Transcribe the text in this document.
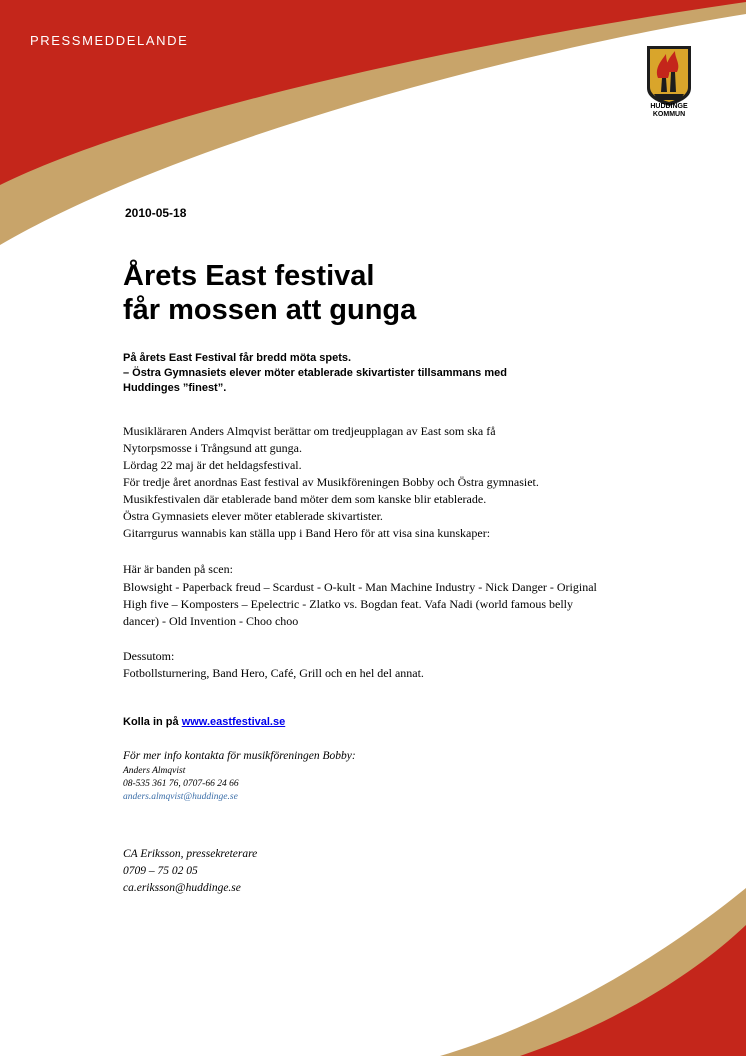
PRESSMEDDELANDE
HUDDINGE
KOMMUN
2010-05-18
Årets East festival
får mossen att gunga
På årets East Festival får bredd möta spets.
– Östra Gymnasiets elever möter etablerade skivartister tillsammans med
Huddinges ”finest”.
Musikläraren Anders Almqvist berättar om tredjeupplagan av East som ska få
Nytorpsmosse i Trångsund att gunga.
Lördag 22 maj är det heldagsfestival.
För tredje året anordnas East festival av Musikföreningen Bobby och Östra gymnasiet.
Musikfestivalen där etablerade band möter dem som kanske blir etablerade.
Östra Gymnasiets elever möter etablerade skivartister.
Gitarrgurus wannabis kan ställa upp i Band Hero för att visa sina kunskaper:
Här är banden på scen:
Blowsight - Paperback freud – Scardust - O-kult - Man Machine Industry - Nick Danger - Original High five – Komposters – Epelectric - Zlatko vs. Bogdan feat. Vafa Nadi (world famous belly dancer) - Old Invention - Choo choo
Dessutom:
Fotbollsturnering, Band Hero, Café, Grill och en hel del annat.
Kolla in på www.eastfestival.se
För mer info kontakta för musikföreningen Bobby:
Anders Almqvist
08-535 361 76, 0707-66 24 66
anders.almqvist@huddinge.se
CA Eriksson, pressekreterare
0709 – 75 02 05
ca.eriksson@huddinge.se
